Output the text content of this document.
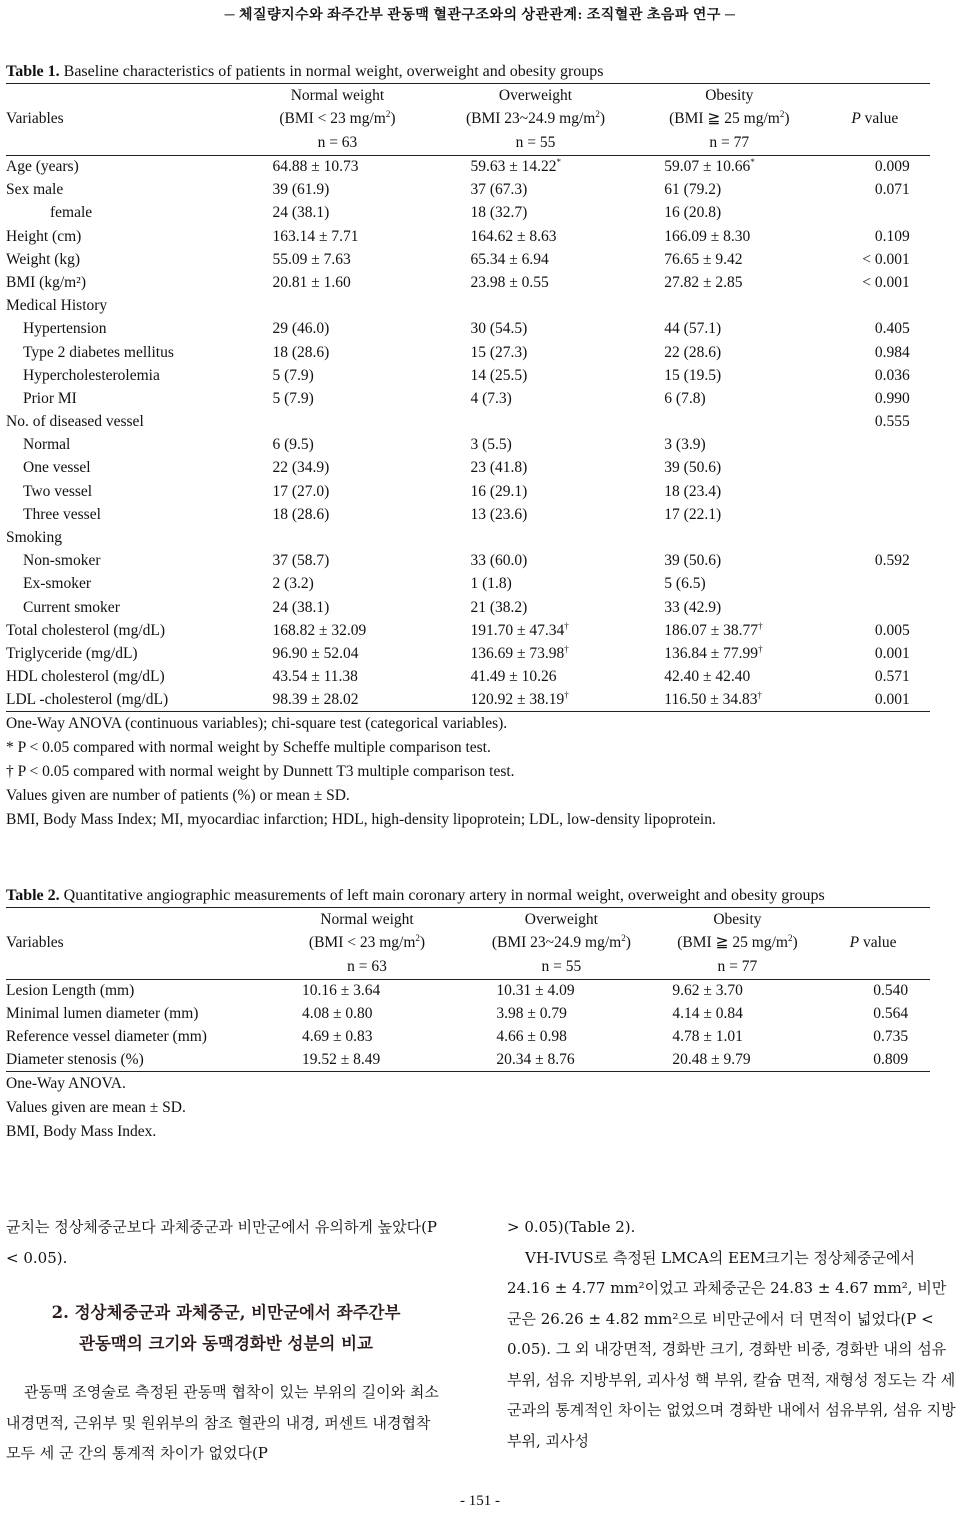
─ 체질량지수와 좌주간부 관동맥 혈관구조와의 상관관계: 조직혈관 초음파 연구 ─
Table 1. Baseline characteristics of patients in normal weight, overweight and obesity groups				
	Normal weight	Overweight	Obesity	
Variables	(BMI < 23 $mg/m^2$)	(BMI 23~24.9 $mg/m^2$)	(BMI ≧ 25 $mg/m^2$)	P value
	n = 63	n = 55	n = 77	
Age (years)	64.88 ± 10.73	59.63 ± 14.22*	59.07 ± 10.66*	0.009
Sex male	39 (61.9)	37 (67.3)	61 (79.2)	0.071
female	24 (38.1)	18 (32.7)	16 (20.8)	
Height (cm)	163.14 ± 7.71	164.62 ± 8.63	166.09 ± 8.30	0.109
Weight (kg)	55.09 ± 7.63	65.34 ± 6.94	76.65 ± 9.42	< 0.001
BMI (kg/m²)	20.81 ± 1.60	23.98 ± 0.55	27.82 ± 2.85	< 0.001
Medical History				
Hypertension	29 (46.0)	30 (54.5)	44 (57.1)	0.405
Type 2 diabetes mellitus	18 (28.6)	15 (27.3)	22 (28.6)	0.984
Hypercholesterolemia	5 (7.9)	14 (25.5)	15 (19.5)	0.036
Prior MI	5 (7.9)	4 (7.3)	6 (7.8)	0.990
No. of diseased vessel				0.555
Normal	6 (9.5)	3 (5.5)	3 (3.9)	
One vessel	22 (34.9)	23 (41.8)	39 (50.6)	
Two vessel	17 (27.0)	16 (29.1)	18 (23.4)	
Three vessel	18 (28.6)	13 (23.6)	17 (22.1)	
Smoking				
Non-smoker	37 (58.7)	33 (60.0)	39 (50.6)	0.592
Ex-smoker	2 (3.2)	1 (1.8)	5 (6.5)	
Current smoker	24 (38.1)	21 (38.2)	33 (42.9)	
Total cholesterol (mg/dL)	168.82 ± 32.09	191.70 ± 47.34†	186.07 ± 38.77†	0.005
Triglyceride (mg/dL)	96.90 ± 52.04	136.69 ± 73.98†	136.84 ± 77.99†	0.001
HDL cholesterol (mg/dL)	43.54 ± 11.38	41.49 ± 10.26	42.40 ± 42.40	0.571
LDL -cholesterol (mg/dL)	98.39 ± 28.02	120.92 ± 38.19†	116.50 ± 34.83†	0.001
One-Way ANOVA (continuous variables); chi-square test (categorical variables).				
* P < 0.05 compared with normal weight by Scheffe multiple comparison test.				
† P < 0.05 compared with normal weight by Dunnett T3 multiple comparison test.				
Values given are number of patients (%) or mean ± SD.				
BMI, Body Mass Index; MI, myocardiac infarction; HDL, high-density lipoprotein; LDL, low-density lipoprotein.				
Table 2. Quantitative angiographic measurements of left main coronary artery in normal weight, overweight and obesity groups				
	Normal weight	Overweight	Obesity	
Variables	(BMI < 23 $mg/m^2$)	(BMI 23~24.9 $mg/m^2$)	(BMI ≧ 25 $mg/m^2$)	P value
	n = 63	n = 55	n = 77	
Lesion Length (mm)	10.16 ± 3.64	10.31 ± 4.09	9.62 ± 3.70	0.540
Minimal lumen diameter (mm)	4.08 ± 0.80	3.98 ± 0.79	4.14 ± 0.84	0.564
Reference vessel diameter (mm)	4.69 ± 0.83	4.66 ± 0.98	4.78 ± 1.01	0.735
Diameter stenosis (%)	19.52 ± 8.49	20.34 ± 8.76	20.48 ± 9.79	0.809
One-Way ANOVA.				
Values given are mean ± SD.				
BMI, Body Mass Index.				

균치는 정상체중군보다 과체중군과 비만군에서 유의하게 높았다(P < 0.05).

2. 정상체중군과 과체중군, 비만군에서 좌주간부
관동맥의 크기와 동맥경화반 성분의 비교

관동맥 조영술로 측정된 관동맥 협착이 있는 부위의 길이와 최소내경면적, 근위부 및 원위부의 참조 혈관의 내경, 퍼센트 내경협착 모두 세 군 간의 통계적 차이가 없었다(P

> 0.05)(Table 2).

VH-IVUS로 측정된 LMCA의 EEM크기는 정상체중군에서 24.16 ± 4.77 mm²이었고 과체중군은 24.83 ± 4.67 mm², 비만군은 26.26 ± 4.82 mm²으로 비만군에서 더 면적이 넓었다(P < 0.05). 그 외 내강면적, 경화반 크기, 경화반 비중, 경화반 내의 섬유부위, 섬유 지방부위, 괴사성 핵 부위, 칼슘 면적, 재형성 정도는 각 세군과의 통계적인 차이는 없었으며 경화반 내에서 섬유부위, 섬유 지방부위, 괴사성

- 151 -
